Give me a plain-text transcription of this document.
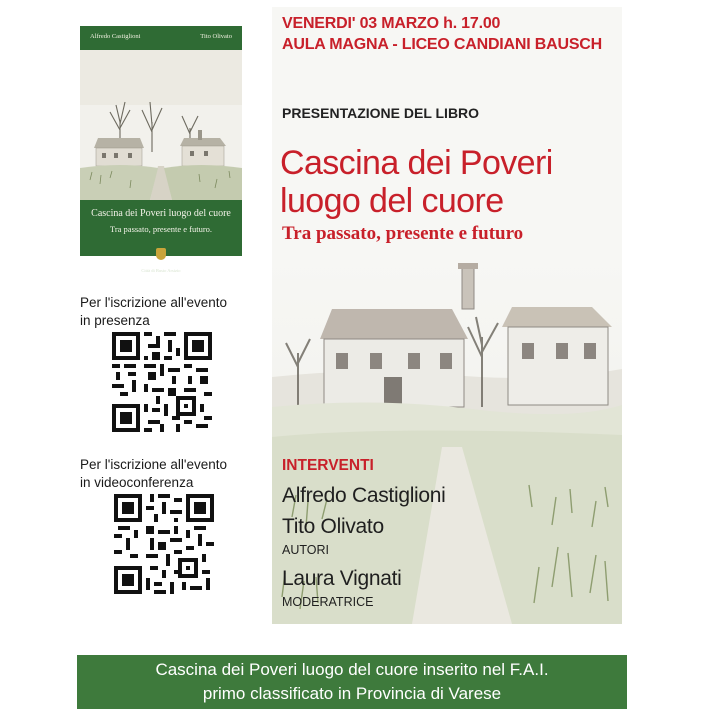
Alfredo Castiglioni	Tito Olivato
Cascina dei Poveri luogo del cuore
Tra passato, presente e futuro.
Città di Busto Arsizio
Per l'iscrizione all'evento
in presenza
Per l'iscrizione all'evento
in videoconferenza
VENERDI' 03 MARZO h. 17.00
AULA MAGNA - LICEO CANDIANI BAUSCH
PRESENTAZIONE DEL LIBRO
Cascina dei Poveri
luogo del cuore
Tra passato, presente e futuro
INTERVENTI
Alfredo Castiglioni
Tito Olivato
AUTORI
Laura Vignati
MODERATRICE
Cascina dei Poveri luogo del cuore inserito nel F.A.I.
primo classificato in Provincia di Varese
